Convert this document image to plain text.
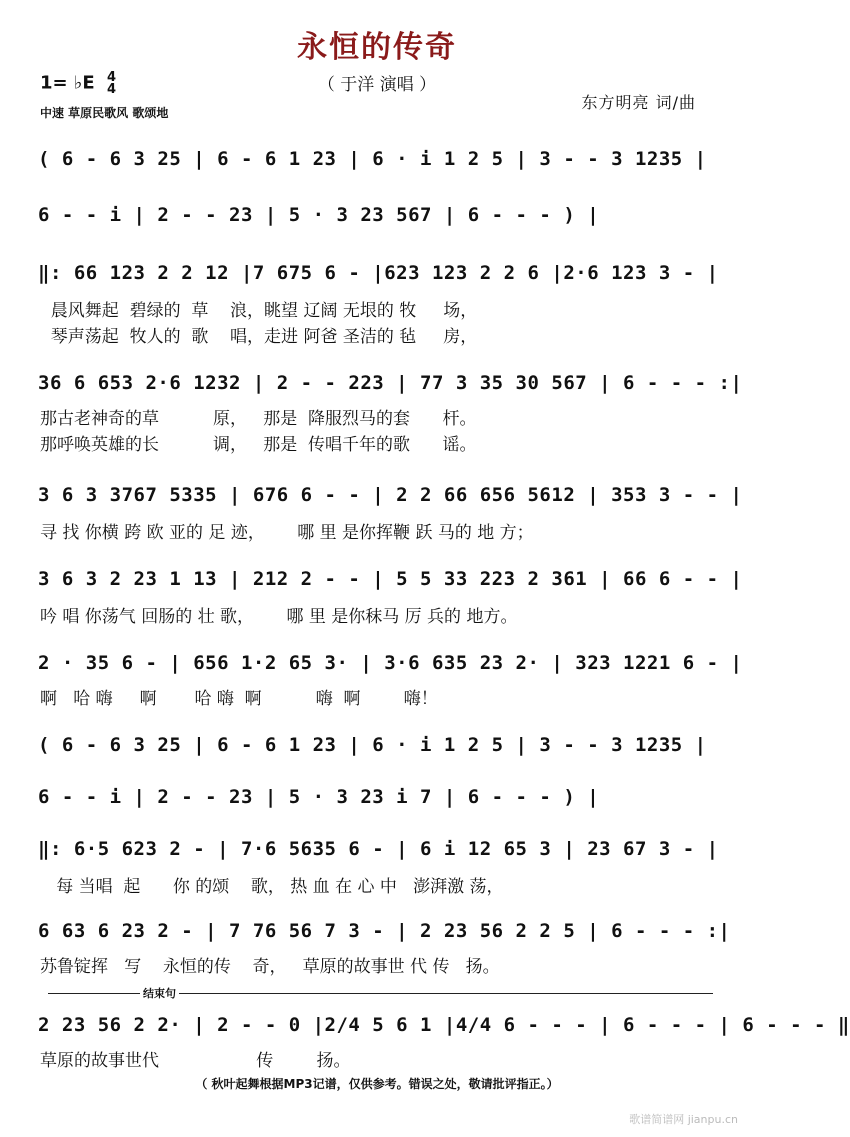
永恒的传奇
（ 于洋 演唱 ）
1= ♭E 4
4
中速 草原民歌风 歌颂地
东方明亮 词/曲
( 6 - 6 3 25 | 6 - 6 1 23 | 6 · i 1 2 5 | 3 - - 3 1235 |
6 - - i | 2 - - 23 | 5 · 3 23 567 | 6 - - - ) |
‖: 66 123 2 2 12 |7 675 6 - |623 123 2 2 6 |2·6 123 3 - |
晨风舞起  碧绿的  草    浪，眺望 辽阔 无垠的 牧     场，
琴声荡起  牧人的  歌    唱，走进 阿爸 圣洁的 毡     房，
36 6 653 2·6 1232 | 2 - - 223 | 77 3 35 30 567 | 6 - - - :|
那古老神奇的草          原，   那是  降服烈马的套      杆。
那呼唤英雄的长          调，   那是  传唱千年的歌      谣。
3 6 3 3767 5335 | 676 6 - - | 2 2 66 656 5612 | 353 3 - - |
寻 找 你横 跨 欧 亚的 足 迹，      哪 里 是你挥鞭 跃 马的 地 方；
3 6 3 2 23 1 13 | 212 2 - - | 5 5 33 223 2 361 | 66 6 - - |
吟 唱 你荡气 回肠的 壮 歌，      哪 里 是你秣马 厉 兵的 地方。
2 · 35 6 - | 656 1·2 65 3· | 3·6 635 23 2· | 323 1221 6 - |
啊   哈 嗨     啊       哈 嗨  啊          嗨  啊        嗨！
( 6 - 6 3 25 | 6 - 6 1 23 | 6 · i 1 2 5 | 3 - - 3 1235 |
6 - - i | 2 - - 23 | 5 · 3 23 i 7 | 6 - - - ) |
‖: 6·5 623 2 - | 7·6 5635 6 - | 6 i 12 65 3 | 23 67 3 - |
每 当唱  起      你 的颂    歌， 热 血 在 心 中   澎湃激 荡，
6 63 6 23 2 - | 7 76 56 7 3 - | 2 23 56 2 2 5 | 6 - - - :|
苏鲁锭挥   写    永恒的传    奇，   草原的故事世 代 传   扬。
结束句
2 23 56 2 2· | 2 - - 0 |2/4 5 6 1 |4/4 6 - - - | 6 - - - | 6 - - - ‖
草原的故事世代                  传        扬。
（ 秋叶起舞根据MP3记谱，仅供参考。错误之处，敬请批评指正。）
歌谱简谱网 jianpu.cn
